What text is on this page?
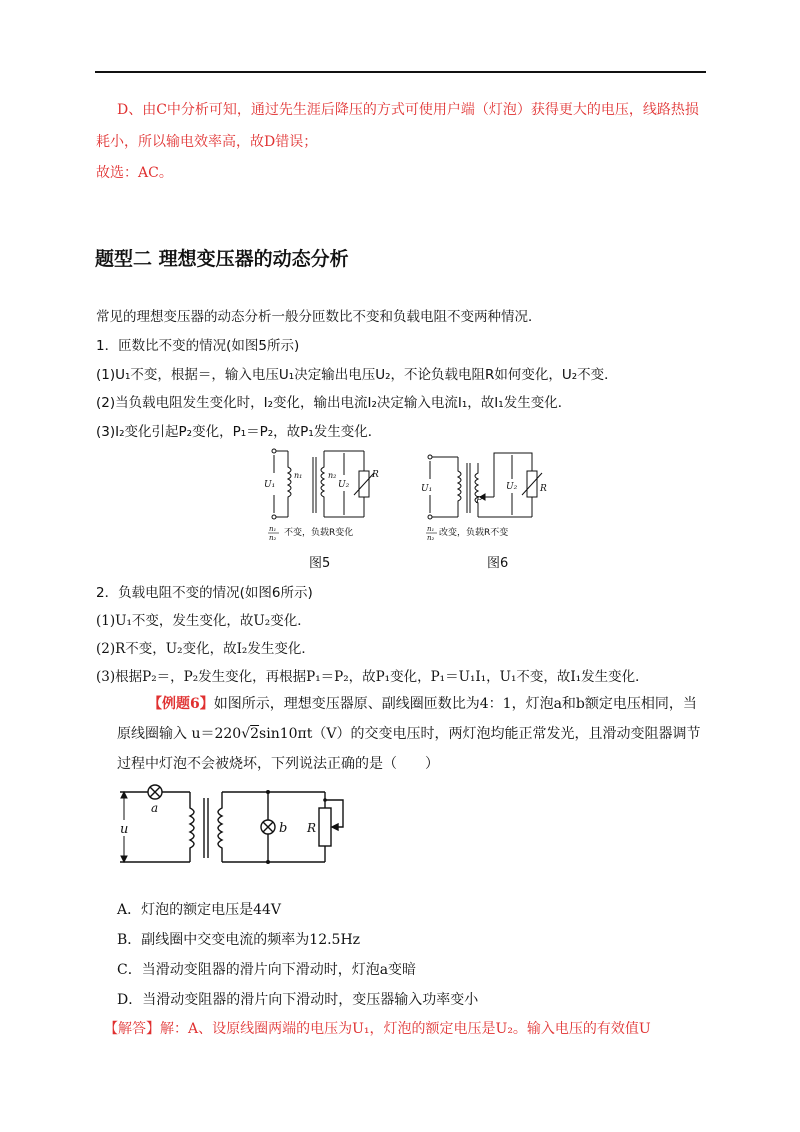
D、由C中分析可知，通过先生涯后降压的方式可使用户端（灯泡）获得更大的电压，线路热损
耗小，所以输电效率高，故D错误；
故选：AC。
题型二 理想变压器的动态分析
常见的理想变压器的动态分析一般分匝数比不变和负载电阻不变两种情况．
1．匝数比不变的情况(如图5所示)
(1)U₁不变，根据＝，输入电压U₁决定输出电压U₂，不论负载电阻R如何变化，U₂不变．
(2)当负载电阻发生变化时，I₂变化，输出电流I₂决定输入电流I₁，故I₁发生变化．
(3)I₂变化引起P₂变化，P₁＝P₂，故P₁发生变化．
n₁	n₂
U₁	U₂
R
n₁
n₂ 不变，负载R变化
图5
U₁
P
U₂	R
n₁
n₂ 改变，负载R不变
图6
2．负载电阻不变的情况(如图6所示)
(1)U₁不变，发生变化，故U₂变化．
(2)R不变，U₂变化，故I₂发生变化．
(3)根据P₂＝，P₂发生变化，再根据P₁＝P₂，故P₁变化，P₁＝U₁I₁，U₁不变，故I₁发生变化．
【例题6】如图所示，理想变压器原、副线圈匝数比为4：1，灯泡a和b额定电压相同，当
原线圈输入 u＝220√2sin10πt（V）的交变电压时，两灯泡均能正常发光，且滑动变阻器调节
过程中灯泡不会被烧坏，下列说法正确的是（　　）
u
a
b R
A．灯泡的额定电压是44V
B．副线圈中交变电流的频率为12.5Hz
C．当滑动变阻器的滑片向下滑动时，灯泡a变暗
D．当滑动变阻器的滑片向下滑动时，变压器输入功率变小
【解答】解：A、设原线圈两端的电压为U₁，灯泡的额定电压是U₂。输入电压的有效值U
